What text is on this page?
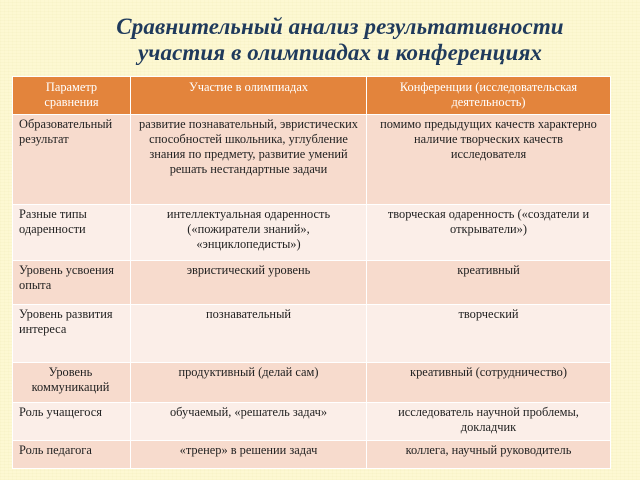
Сравнительный анализ результативности
участия в олимпиадах и конференциях
Параметр сравнения	Участие в олимпиадах	Конференции (исследовательская деятельность)
Образовательный результат	развитие познавательный, эвристических способностей школьника, углубление знания по предмету, развитие умений решать нестандартные задачи	помимо предыдущих качеств характерно наличие творческих качеств исследователя
Разные типы одаренности	интеллектуальная одаренность («пожиратели знаний», «энциклопедисты»)	творческая одаренность («создатели и открыватели»)
Уровень усвоения опыта	эвристический уровень	креативный
Уровень развития интереса	познавательный	творческий
Уровень коммуникаций	продуктивный (делай сам)	креативный (сотрудничество)
Роль учащегося	обучаемый, «решатель задач»	исследователь научной проблемы, докладчик
Роль педагога	«тренер» в решении задач	коллега, научный руководитель
